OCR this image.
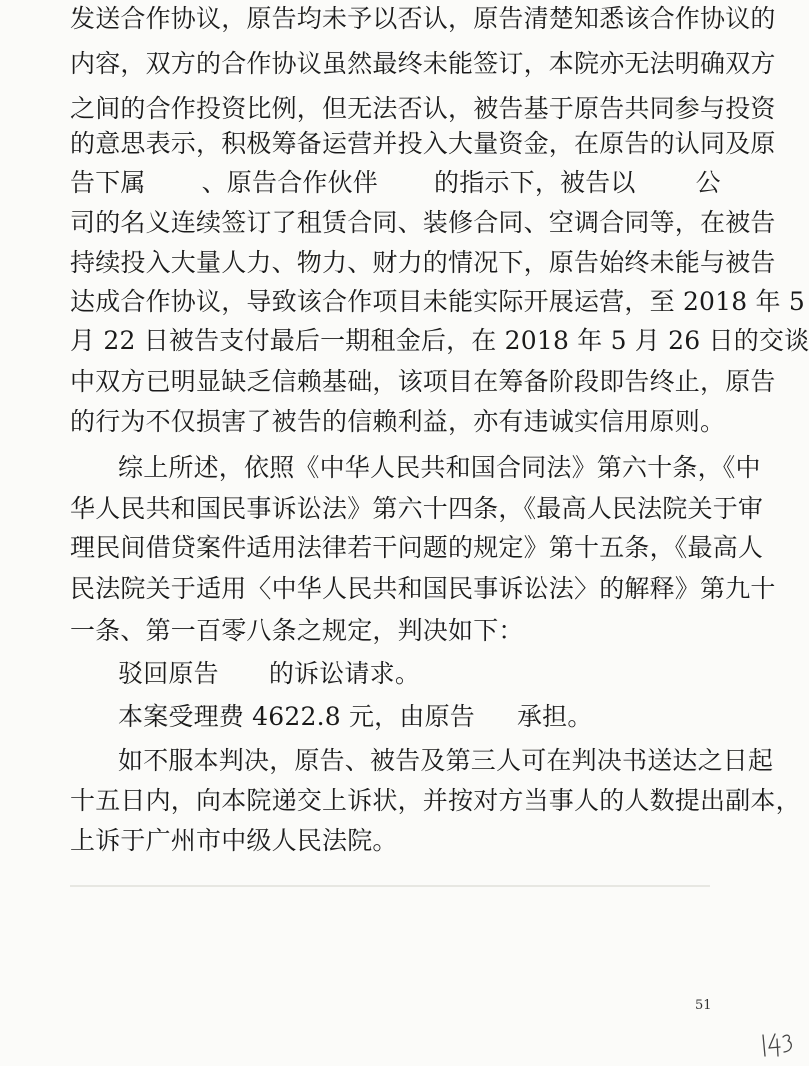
发送合作协议，原告均未予以否认，原告清楚知悉该合作协议的
内容，双方的合作协议虽然最终未能签订，本院亦无法明确双方
之间的合作投资比例，但无法否认，被告基于原告共同参与投资
的意思表示，积极筹备运营并投入大量资金，在原告的认同及原
告下属 、原告合作伙伴 的指示下，被告以 公
司的名义连续签订了租赁合同、装修合同、空调合同等，在被告
持续投入大量人力、物力、财力的情况下，原告始终未能与被告
达成合作协议，导致该合作项目未能实际开展运营，至 2018 年 5
月 22 日被告支付最后一期租金后，在 2018 年 5 月 26 日的交谈
中双方已明显缺乏信赖基础，该项目在筹备阶段即告终止，原告
的行为不仅损害了被告的信赖利益，亦有违诚实信用原则。
综上所述，依照《中华人民共和国合同法》第六十条，《中
华人民共和国民事诉讼法》第六十四条，《最高人民法院关于审
理民间借贷案件适用法律若干问题的规定》第十五条，《最高人
民法院关于适用〈中华人民共和国民事诉讼法〉的解释》第九十
一条、第一百零八条之规定，判决如下：
驳回原告 的诉讼请求。
本案受理费 4622.8 元，由原告 承担。
如不服本判决，原告、被告及第三人可在判决书送达之日起
十五日内，向本院递交上诉状，并按对方当事人的人数提出副本，
上诉于广州市中级人民法院。
51
